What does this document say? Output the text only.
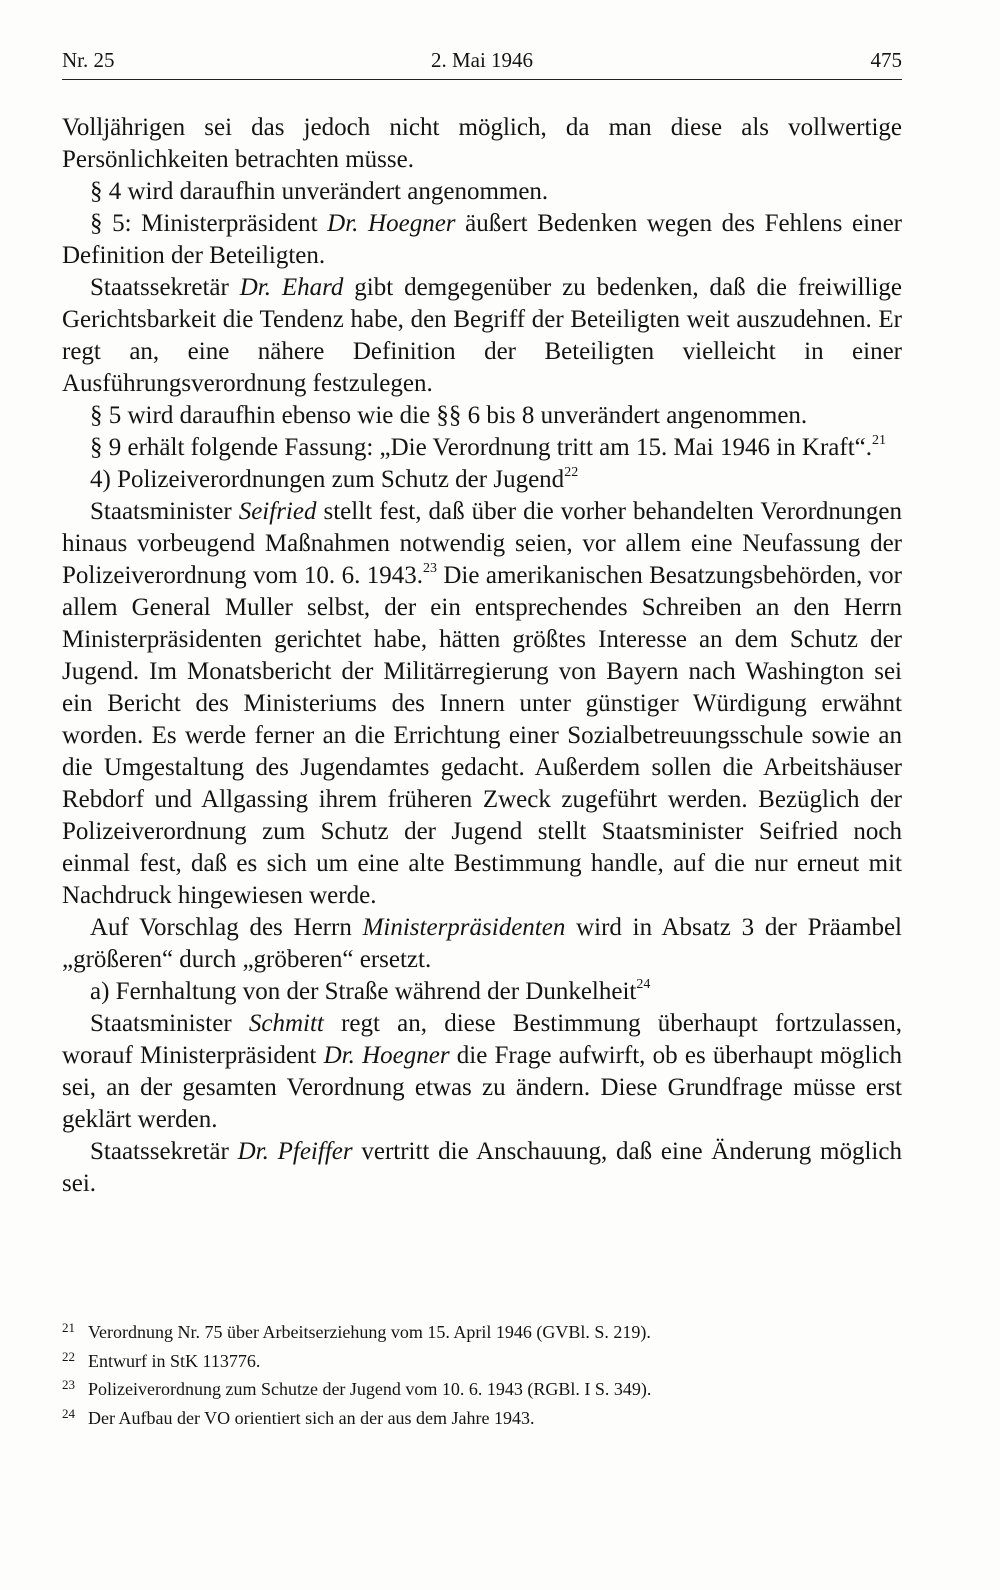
Nr. 25	2. Mai 1946	475

Volljährigen sei das jedoch nicht möglich, da man diese als vollwertige Persönlichkeiten betrachten müsse.

§ 4 wird daraufhin unverändert angenommen.

§ 5: Ministerpräsident Dr. Hoegner äußert Bedenken wegen des Fehlens einer Definition der Beteiligten.

Staatssekretär Dr. Ehard gibt demgegenüber zu bedenken, daß die freiwillige Gerichtsbarkeit die Tendenz habe, den Begriff der Beteiligten weit auszudehnen. Er regt an, eine nähere Definition der Beteiligten vielleicht in einer Ausführungsverordnung festzulegen.

§ 5 wird daraufhin ebenso wie die §§ 6 bis 8 unverändert angenommen.

§ 9 erhält folgende Fassung: „Die Verordnung tritt am 15. Mai 1946 in Kraft“.$^{21}$

4) Polizeiverordnungen zum Schutz der Jugend$^{22}$

Staatsminister Seifried stellt fest, daß über die vorher behandelten Verordnungen hinaus vorbeugend Maßnahmen notwendig seien, vor allem eine Neufassung der Polizeiverordnung vom 10. 6. 1943.23 Die amerikanischen Besatzungsbehörden, vor allem General Muller selbst, der ein entsprechendes Schreiben an den Herrn Ministerpräsidenten gerichtet habe, hätten größtes Interesse an dem Schutz der Jugend. Im Monatsbericht der Militärregierung von Bayern nach Washington sei ein Bericht des Ministeriums des Innern unter günstiger Würdigung erwähnt worden. Es werde ferner an die Errichtung einer Sozialbetreuungsschule sowie an die Umgestaltung des Jugendamtes gedacht. Außerdem sollen die Arbeitshäuser Rebdorf und Allgassing ihrem früheren Zweck zugeführt werden. Bezüglich der Polizeiverordnung zum Schutz der Jugend stellt Staatsminister Seifried noch einmal fest, daß es sich um eine alte Bestimmung handle, auf die nur erneut mit Nachdruck hingewiesen werde.

Auf Vorschlag des Herrn Ministerpräsidenten wird in Absatz 3 der Präambel „größeren“ durch „gröberen“ ersetzt.

a) Fernhaltung von der Straße während der Dunkelheit$^{24}$

Staatsminister Schmitt regt an, diese Bestimmung überhaupt fortzulassen, worauf Ministerpräsident Dr. Hoegner die Frage aufwirft, ob es überhaupt möglich sei, an der gesamten Verordnung etwas zu ändern. Diese Grundfrage müsse erst geklärt werden.

Staatssekretär Dr. Pfeiffer vertritt die Anschauung, daß eine Änderung möglich sei.

21 Verordnung Nr. 75 über Arbeitserziehung vom 15. April 1946 (GVBl. S. 219).
22 Entwurf in StK 113776.
23 Polizeiverordnung zum Schutze der Jugend vom 10. 6. 1943 (RGBl. I S. 349).
24 Der Aufbau der VO orientiert sich an der aus dem Jahre 1943.
